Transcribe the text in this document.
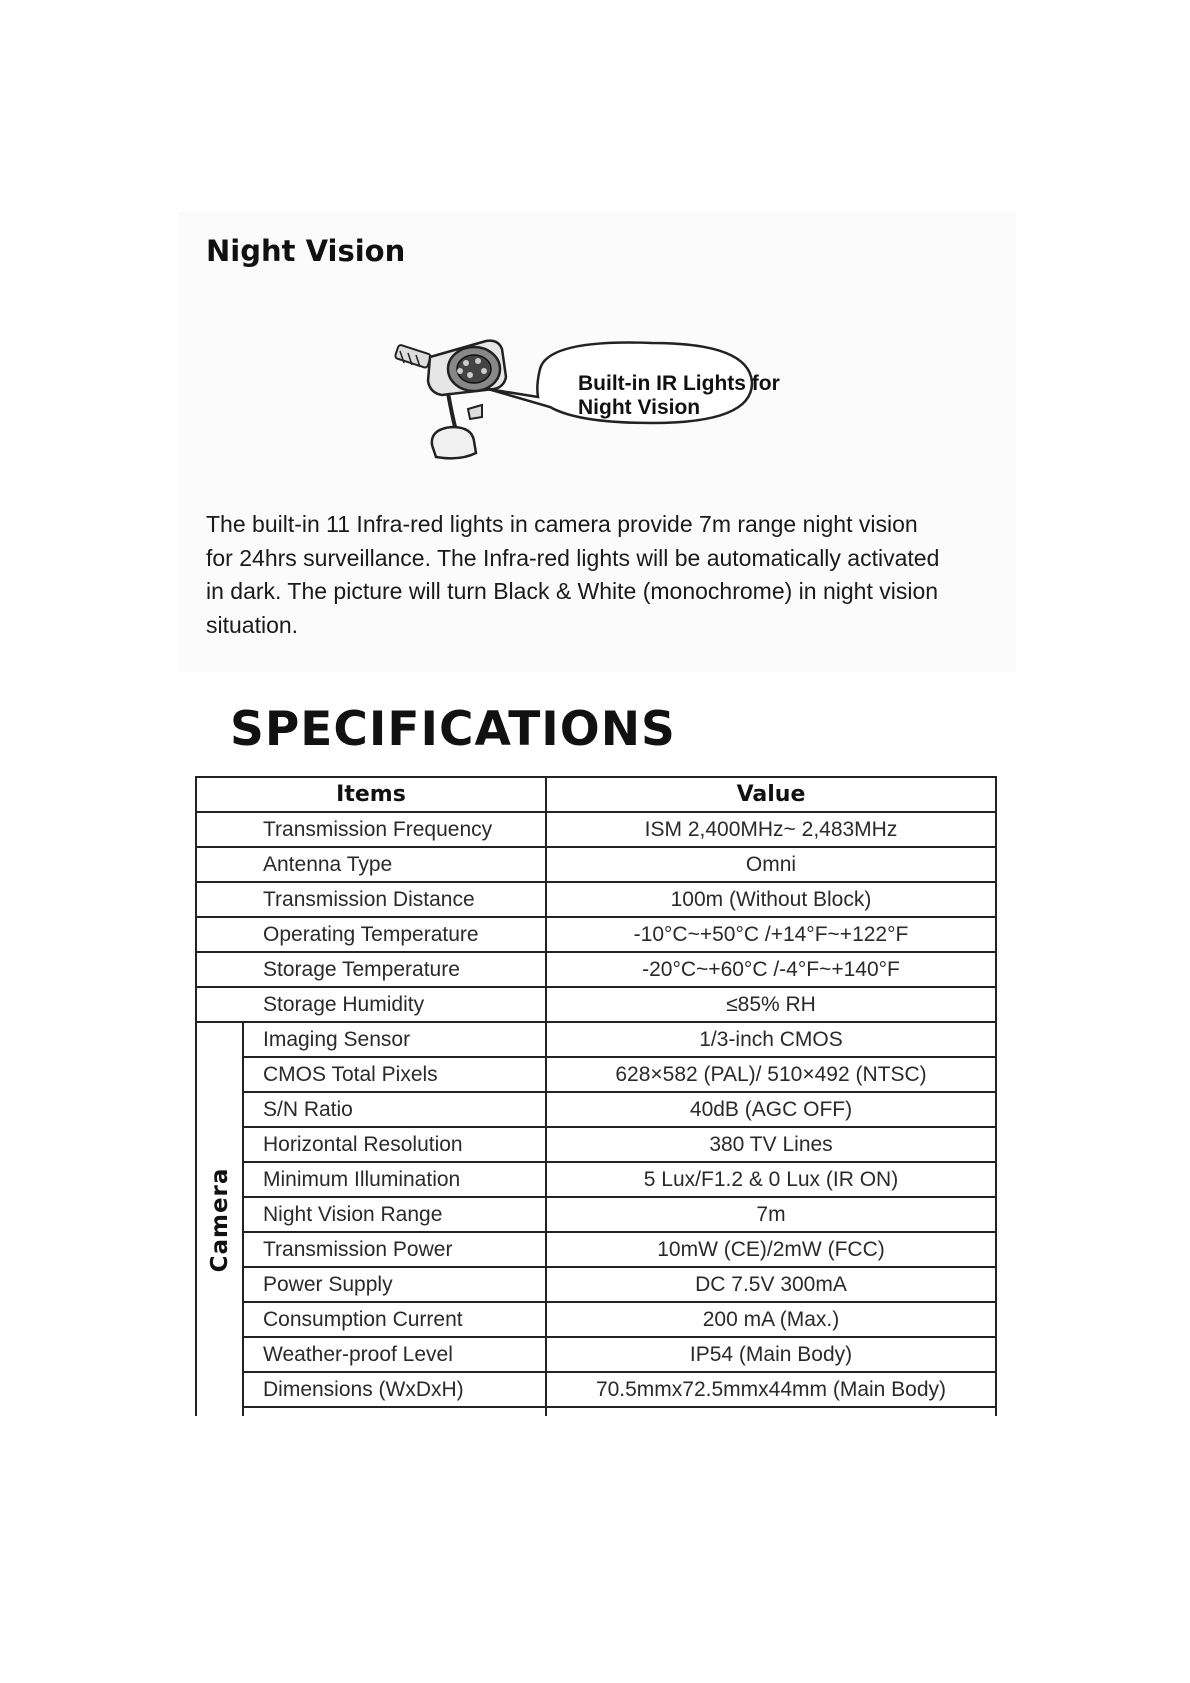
Night Vision
Built-in IR Lights for
Night Vision

The built-in 11 Infra-red lights in camera provide 7m range night vision
for 24hrs surveillance. The Infra-red lights will be automatically activated
in dark. The picture will turn Black & White (monochrome) in night vision
situation.

SPECIFICATIONS
Items		Value
Transmission Frequency		ISM 2,400MHz~ 2,483MHz
Antenna Type		Omni
Transmission Distance		100m (Without Block)
Operating Temperature		-10°C~+50°C /+14°F~+122°F
Storage Temperature		-20°C~+60°C /-4°F~+140°F
Storage Humidity		≤85% RH

Camera	Imaging Sensor	1/3-inch CMOS
	CMOS Total Pixels	628×582 (PAL)/ 510×492 (NTSC)
	S/N Ratio	40dB (AGC OFF)
	Horizontal Resolution	380 TV Lines
	Minimum Illumination	5 Lux/F1.2 & 0 Lux (IR ON)
	Night Vision Range	7m
	Transmission Power	10mW (CE)/2mW (FCC)
	Power Supply	DC 7.5V 300mA
	Consumption Current	200 mA (Max.)
	Weather-proof Level	IP54 (Main Body)
	Dimensions (WxDxH)	70.5mmx72.5mmx44mm (Main Body)
